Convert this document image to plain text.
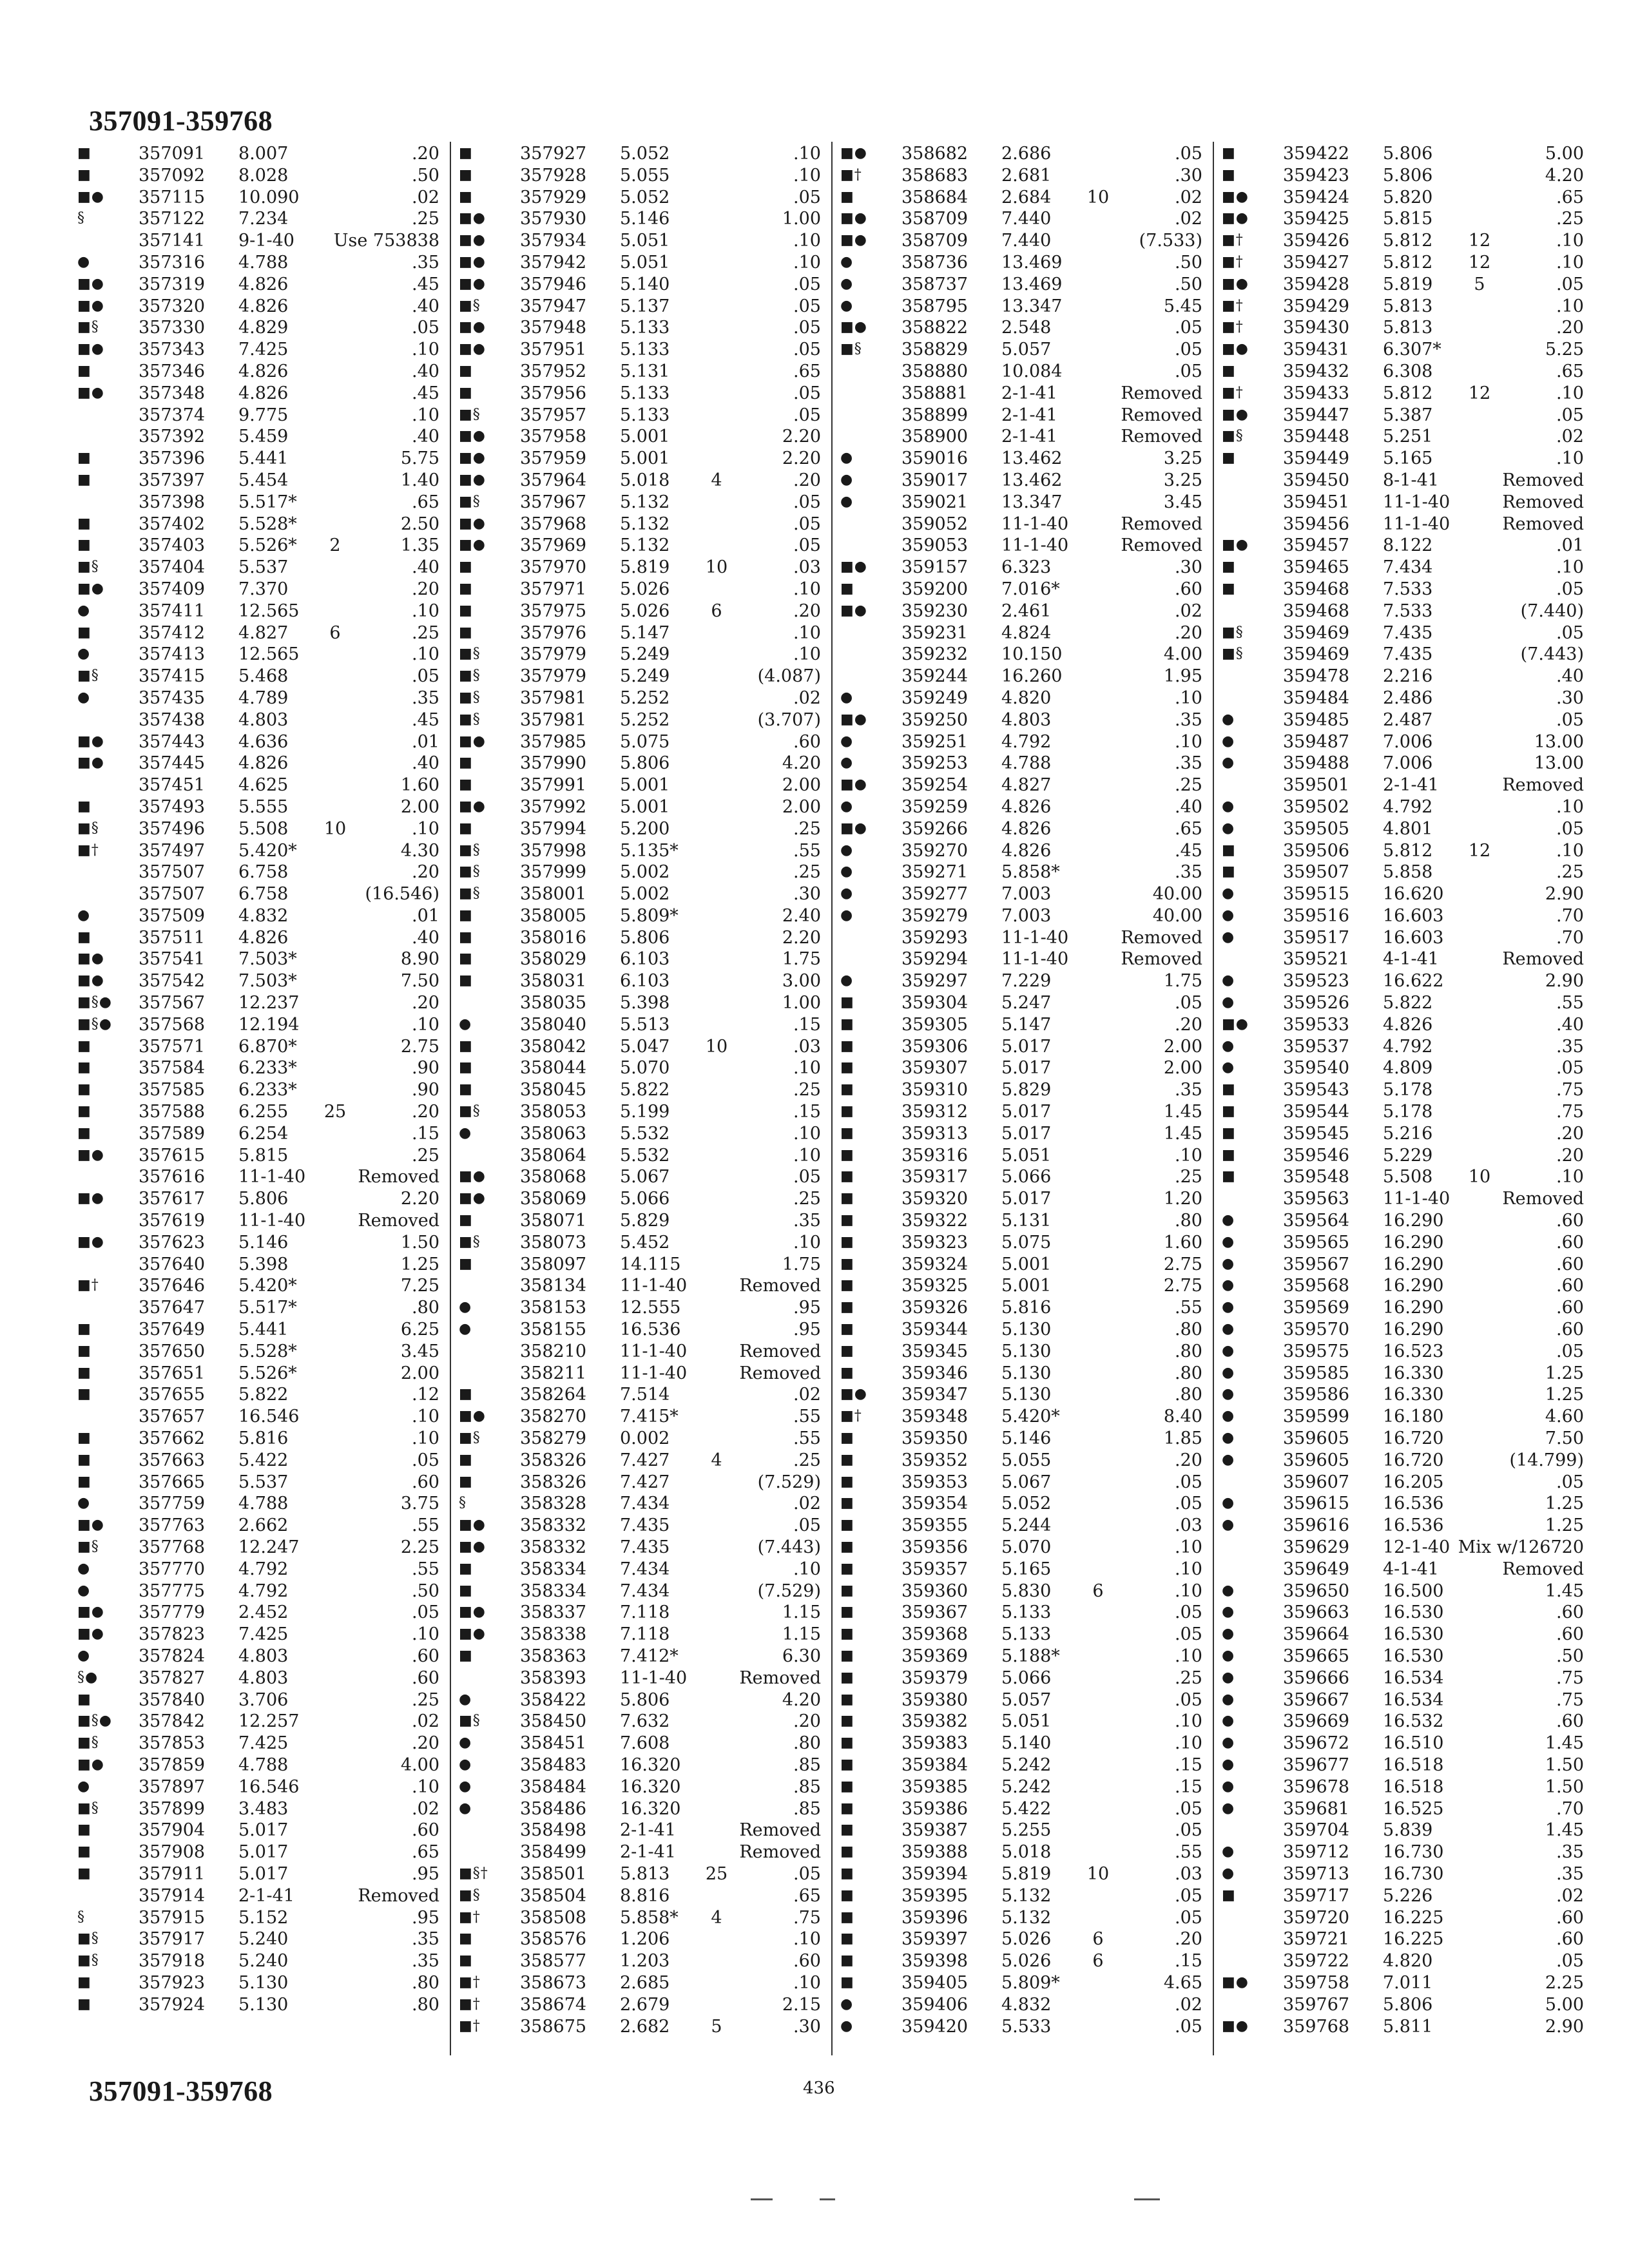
357091-359768
■	357091	8.007	.20
■	357092	8.028	.50
■●	357115	10.090	.02
§	357122	7.234	.25
357141	9-1-40	Use 753838
●	357316	4.788	.35
■●	357319	4.826	.45
■●	357320	4.826	.40
■§	357330	4.829	.05
■●	357343	7.425	.10
■	357346	4.826	.40
■●	357348	4.826	.45
357374	9.775	.10
357392	5.459	.40
■	357396	5.441	5.75
■	357397	5.454	1.40
357398	5.517*	.65
■	357402	5.528*	2.50
■	357403	5.526*	2	1.35
■§	357404	5.537	.40
■●	357409	7.370	.20
●	357411	12.565	.10
■	357412	4.827	6	.25
●	357413	12.565	.10
■§	357415	5.468	.05
●	357435	4.789	.35
357438	4.803	.45
■●	357443	4.636	.01
■●	357445	4.826	.40
357451	4.625	1.60
■	357493	5.555	2.00
■§	357496	5.508	10	.10
■†	357497	5.420*	4.30
357507	6.758	.20
357507	6.758	(16.546)
●	357509	4.832	.01
■	357511	4.826	.40
■●	357541	7.503*	8.90
■●	357542	7.503*	7.50
■§●	357567	12.237	.20
■§●	357568	12.194	.10
■	357571	6.870*	2.75
■	357584	6.233*	.90
■	357585	6.233*	.90
■	357588	6.255	25	.20
■	357589	6.254	.15
■●	357615	5.815	.25
357616	11-1-40	Removed
■●	357617	5.806	2.20
357619	11-1-40	Removed
■●	357623	5.146	1.50
357640	5.398	1.25
■†	357646	5.420*	7.25
357647	5.517*	.80
■	357649	5.441	6.25
■	357650	5.528*	3.45
■	357651	5.526*	2.00
■	357655	5.822	.12
357657	16.546	.10
■	357662	5.816	.10
■	357663	5.422	.05
■	357665	5.537	.60
●	357759	4.788	3.75
■●	357763	2.662	.55
■§	357768	12.247	2.25
●	357770	4.792	.55
●	357775	4.792	.50
■●	357779	2.452	.05
■●	357823	7.425	.10
●	357824	4.803	.60
§●	357827	4.803	.60
■	357840	3.706	.25
■§●	357842	12.257	.02
■§	357853	7.425	.20
■●	357859	4.788	4.00
●	357897	16.546	.10
■§	357899	3.483	.02
■	357904	5.017	.60
■	357908	5.017	.65
■	357911	5.017	.95
357914	2-1-41	Removed
§	357915	5.152	.95
■§	357917	5.240	.35
■§	357918	5.240	.35
■	357923	5.130	.80
■	357924	5.130	.80
■	357927	5.052	.10
■	357928	5.055	.10
■	357929	5.052	.05
■●	357930	5.146	1.00
■●	357934	5.051	.10
■●	357942	5.051	.10
■●	357946	5.140	.05
■§	357947	5.137	.05
■●	357948	5.133	.05
■●	357951	5.133	.05
■	357952	5.131	.65
■	357956	5.133	.05
■§	357957	5.133	.05
■●	357958	5.001	2.20
■●	357959	5.001	2.20
■●	357964	5.018	4	.20
■§	357967	5.132	.05
■●	357968	5.132	.05
■●	357969	5.132	.05
■	357970	5.819	10	.03
■	357971	5.026	.10
■	357975	5.026	6	.20
■	357976	5.147	.10
■§	357979	5.249	.10
■§	357979	5.249	(4.087)
■§	357981	5.252	.02
■§	357981	5.252	(3.707)
■●	357985	5.075	.60
■	357990	5.806	4.20
■	357991	5.001	2.00
■●	357992	5.001	2.00
■	357994	5.200	.25
■§	357998	5.135*	.55
■§	357999	5.002	.25
■§	358001	5.002	.30
■	358005	5.809*	2.40
■	358016	5.806	2.20
■	358029	6.103	1.75
■	358031	6.103	3.00
358035	5.398	1.00
●	358040	5.513	.15
■	358042	5.047	10	.03
■	358044	5.070	.10
■	358045	5.822	.25
■§	358053	5.199	.15
●	358063	5.532	.10
358064	5.532	.10
■●	358068	5.067	.05
■●	358069	5.066	.25
■	358071	5.829	.35
■§	358073	5.452	.10
■	358097	14.115	1.75
358134	11-1-40	Removed
●	358153	12.555	.95
●	358155	16.536	.95
358210	11-1-40	Removed
358211	11-1-40	Removed
■	358264	7.514	.02
■●	358270	7.415*	.55
■§	358279	0.002	.55
■	358326	7.427	4	.25
■	358326	7.427	(7.529)
§	358328	7.434	.02
■●	358332	7.435	.05
■●	358332	7.435	(7.443)
■	358334	7.434	.10
■	358334	7.434	(7.529)
■●	358337	7.118	1.15
■●	358338	7.118	1.15
■	358363	7.412*	6.30
358393	11-1-40	Removed
●	358422	5.806	4.20
■§	358450	7.632	.20
●	358451	7.608	.80
●	358483	16.320	.85
●	358484	16.320	.85
●	358486	16.320	.85
358498	2-1-41	Removed
358499	2-1-41	Removed
■§†	358501	5.813	25	.05
■§	358504	8.816	.65
■†	358508	5.858*	4	.75
■	358576	1.206	.10
■	358577	1.203	.60
■†	358673	2.685	.10
■†	358674	2.679	2.15
■†	358675	2.682	5	.30
■●	358682	2.686	.05
■†	358683	2.681	.30
■	358684	2.684	10	.02
■●	358709	7.440	.02
■●	358709	7.440	(7.533)
●	358736	13.469	.50
●	358737	13.469	.50
●	358795	13.347	5.45
■●	358822	2.548	.05
■§	358829	5.057	.05
358880	10.084	.05
358881	2-1-41	Removed
358899	2-1-41	Removed
358900	2-1-41	Removed
●	359016	13.462	3.25
●	359017	13.462	3.25
●	359021	13.347	3.45
359052	11-1-40	Removed
359053	11-1-40	Removed
■●	359157	6.323	.30
■	359200	7.016*	.60
■●	359230	2.461	.02
359231	4.824	.20
359232	10.150	4.00
359244	16.260	1.95
●	359249	4.820	.10
■●	359250	4.803	.35
●	359251	4.792	.10
●	359253	4.788	.35
■●	359254	4.827	.25
●	359259	4.826	.40
■●	359266	4.826	.65
●	359270	4.826	.45
●	359271	5.858*	.35
●	359277	7.003	40.00
●	359279	7.003	40.00
359293	11-1-40	Removed
359294	11-1-40	Removed
●	359297	7.229	1.75
■	359304	5.247	.05
■	359305	5.147	.20
■	359306	5.017	2.00
■	359307	5.017	2.00
■	359310	5.829	.35
■	359312	5.017	1.45
■	359313	5.017	1.45
■	359316	5.051	.10
■	359317	5.066	.25
■	359320	5.017	1.20
■	359322	5.131	.80
■	359323	5.075	1.60
■	359324	5.001	2.75
■	359325	5.001	2.75
■	359326	5.816	.55
■	359344	5.130	.80
■	359345	5.130	.80
■	359346	5.130	.80
■●	359347	5.130	.80
■†	359348	5.420*	8.40
■	359350	5.146	1.85
■	359352	5.055	.20
■	359353	5.067	.05
■	359354	5.052	.05
■	359355	5.244	.03
■	359356	5.070	.10
■	359357	5.165	.10
■	359360	5.830	6	.10
■	359367	5.133	.05
■	359368	5.133	.05
■	359369	5.188*	.10
■	359379	5.066	.25
■	359380	5.057	.05
■	359382	5.051	.10
■	359383	5.140	.10
■	359384	5.242	.15
■	359385	5.242	.15
■	359386	5.422	.05
■	359387	5.255	.05
■	359388	5.018	.55
■	359394	5.819	10	.03
■	359395	5.132	.05
■	359396	5.132	.05
■	359397	5.026	6	.20
■	359398	5.026	6	.15
■	359405	5.809*	4.65
●	359406	4.832	.02
●	359420	5.533	.05
■	359422	5.806	5.00
■	359423	5.806	4.20
■●	359424	5.820	.65
■●	359425	5.815	.25
■†	359426	5.812	12	.10
■†	359427	5.812	12	.10
■●	359428	5.819	5	.05
■†	359429	5.813	.10
■†	359430	5.813	.20
■●	359431	6.307*	5.25
■	359432	6.308	.65
■†	359433	5.812	12	.10
■●	359447	5.387	.05
■§	359448	5.251	.02
■	359449	5.165	.10
359450	8-1-41	Removed
359451	11-1-40	Removed
359456	11-1-40	Removed
■●	359457	8.122	.01
■	359465	7.434	.10
■	359468	7.533	.05
359468	7.533	(7.440)
■§	359469	7.435	.05
■§	359469	7.435	(7.443)
359478	2.216	.40
359484	2.486	.30
●	359485	2.487	.05
●	359487	7.006	13.00
●	359488	7.006	13.00
359501	2-1-41	Removed
●	359502	4.792	.10
●	359505	4.801	.05
■	359506	5.812	12	.10
■	359507	5.858	.25
●	359515	16.620	2.90
●	359516	16.603	.70
●	359517	16.603	.70
359521	4-1-41	Removed
●	359523	16.622	2.90
●	359526	5.822	.55
■●	359533	4.826	.40
●	359537	4.792	.35
●	359540	4.809	.05
■	359543	5.178	.75
■	359544	5.178	.75
■	359545	5.216	.20
■	359546	5.229	.20
■	359548	5.508	10	.10
359563	11-1-40	Removed
●	359564	16.290	.60
●	359565	16.290	.60
●	359567	16.290	.60
●	359568	16.290	.60
●	359569	16.290	.60
●	359570	16.290	.60
●	359575	16.523	.05
●	359585	16.330	1.25
●	359586	16.330	1.25
●	359599	16.180	4.60
●	359605	16.720	7.50
●	359605	16.720	(14.799)
359607	16.205	.05
●	359615	16.536	1.25
●	359616	16.536	1.25
359629	12-1-40 Mix w/126720
359649	4-1-41	Removed
●	359650	16.500	1.45
●	359663	16.530	.60
●	359664	16.530	.60
●	359665	16.530	.50
●	359666	16.534	.75
●	359667	16.534	.75
●	359669	16.532	.60
●	359672	16.510	1.45
●	359677	16.518	1.50
●	359678	16.518	1.50
●	359681	16.525	.70
359704	5.839	1.45
●	359712	16.730	.35
●	359713	16.730	.35
■	359717	5.226	.02
359720	16.225	.60
359721	16.225	.60
359722	4.820	.05
■●	359758	7.011	2.25
359767	5.806	5.00
■●	359768	5.811	2.90
357091-359768	436
